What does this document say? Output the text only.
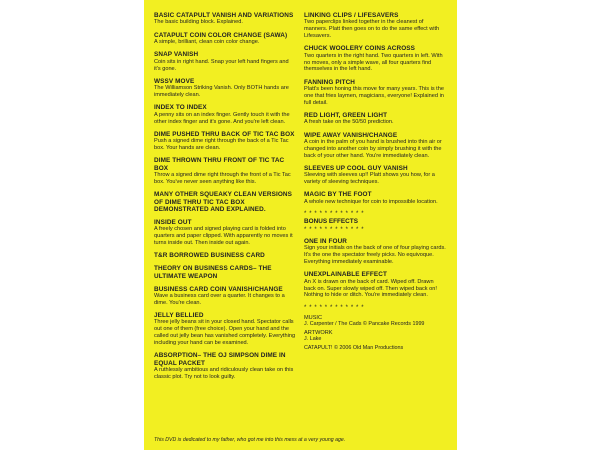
BASIC CATAPULT VANISH AND VARIATIONS
The basic building block. Explained.
CATAPULT COIN COLOR CHANGE (SAWA)
A simple, brilliant, clean coin color change.
SNAP VANISH
Coin sits in right hand. Snap your left hand fingers and it's gone.
WSSV MOVE
The Williamson Striking Vanish. Only BOTH hands are immediately clean.
INDEX TO INDEX
A penny sits on an index finger. Gently touch it with the other index finger and it's gone. And you're left clean.
DIME PUSHED THRU BACK OF TIC TAC BOX
Push a signed dime right through the back of a Tic Tac box. Your hands are clean.
DIME THROWN THRU FRONT OF TIC TAC BOX
Throw a signed dime right through the front of a Tic Tac box. You've never seen anything like this.
MANY OTHER SQUEAKY CLEAN VERSIONS OF DIME THRU TIC TAC BOX DEMONSTRATED AND EXPLAINED.
INSIDE OUT
A freely chosen and signed playing card is folded into quarters and paper clipped. With apparently no moves it turns inside out. Then inside out again.
T&R BORROWED BUSINESS CARD
THEORY ON BUSINESS CARDS– THE ULTIMATE WEAPON
BUSINESS CARD COIN VANISH/CHANGE
Wave a business card over a quarter. It changes to a dime. You're clean.
JELLY BELLIED
Three jelly beans sit in your closed hand. Spectator calls out one of them (free choice). Open your hand and the called out jelly bean has vanished completely. Everything including your hand can be examined.
ABSORPTION– THE OJ SIMPSON DIME IN EQUAL PACKET
A ruthlessly ambitious and ridiculously clean take on this classic plot. Try not to look guilty.
LINKING CLIPS / LIFESAVERS
Two paperclips linked together in the cleanest of manners. Platt then goes on to do the same effect with Lifesavers.
CHUCK WOOLERY COINS ACROSS
Two quarters in the right hand. Two quarters in left. With no moves, only a simple wave, all four quarters find themselves in the left hand.
FANNING PITCH
Platt's been honing this move for many years. This is the one that fries laymen, magicians, everyone! Explained in full detail.
RED LIGHT, GREEN LIGHT
A fresh take on the 50/50 prediction.
WIPE AWAY VANISH/CHANGE
A coin in the palm of you hand is brushed into thin air or changed into another coin by simply brushing it with the back of your other hand. You're immediately clean.
SLEEVES UP COOL GUY VANISH
Sleeving with sleeves up!! Platt shows you how, for a variety of sleeving techniques.
MAGIC BY THE FOOT
A whole new technique for coin to impossible location.
* * * * * * * * * * * *
BONUS EFFECTS
* * * * * * * * * * * *
ONE IN FOUR
Sign your initials on the back of one of four playing cards. It's the one the spectator freely picks. No equivoque. Everything immediately examinable.
UNEXPLAINABLE EFFECT
An X is drawn on the back of card. Wiped off. Drawn back on. Super slowly wiped off. Then wiped back on! Nothing to hide or ditch. You're immediately clean.
* * * * * * * * * * * *
MUSIC
J. Carpenter / The Cads © Pancake Records 1999
ARTWORK
J. Lake
CATAPULT! © 2006 Old Man Productions
This DVD is dedicated to my father, who got me into this mess at a very young age.
